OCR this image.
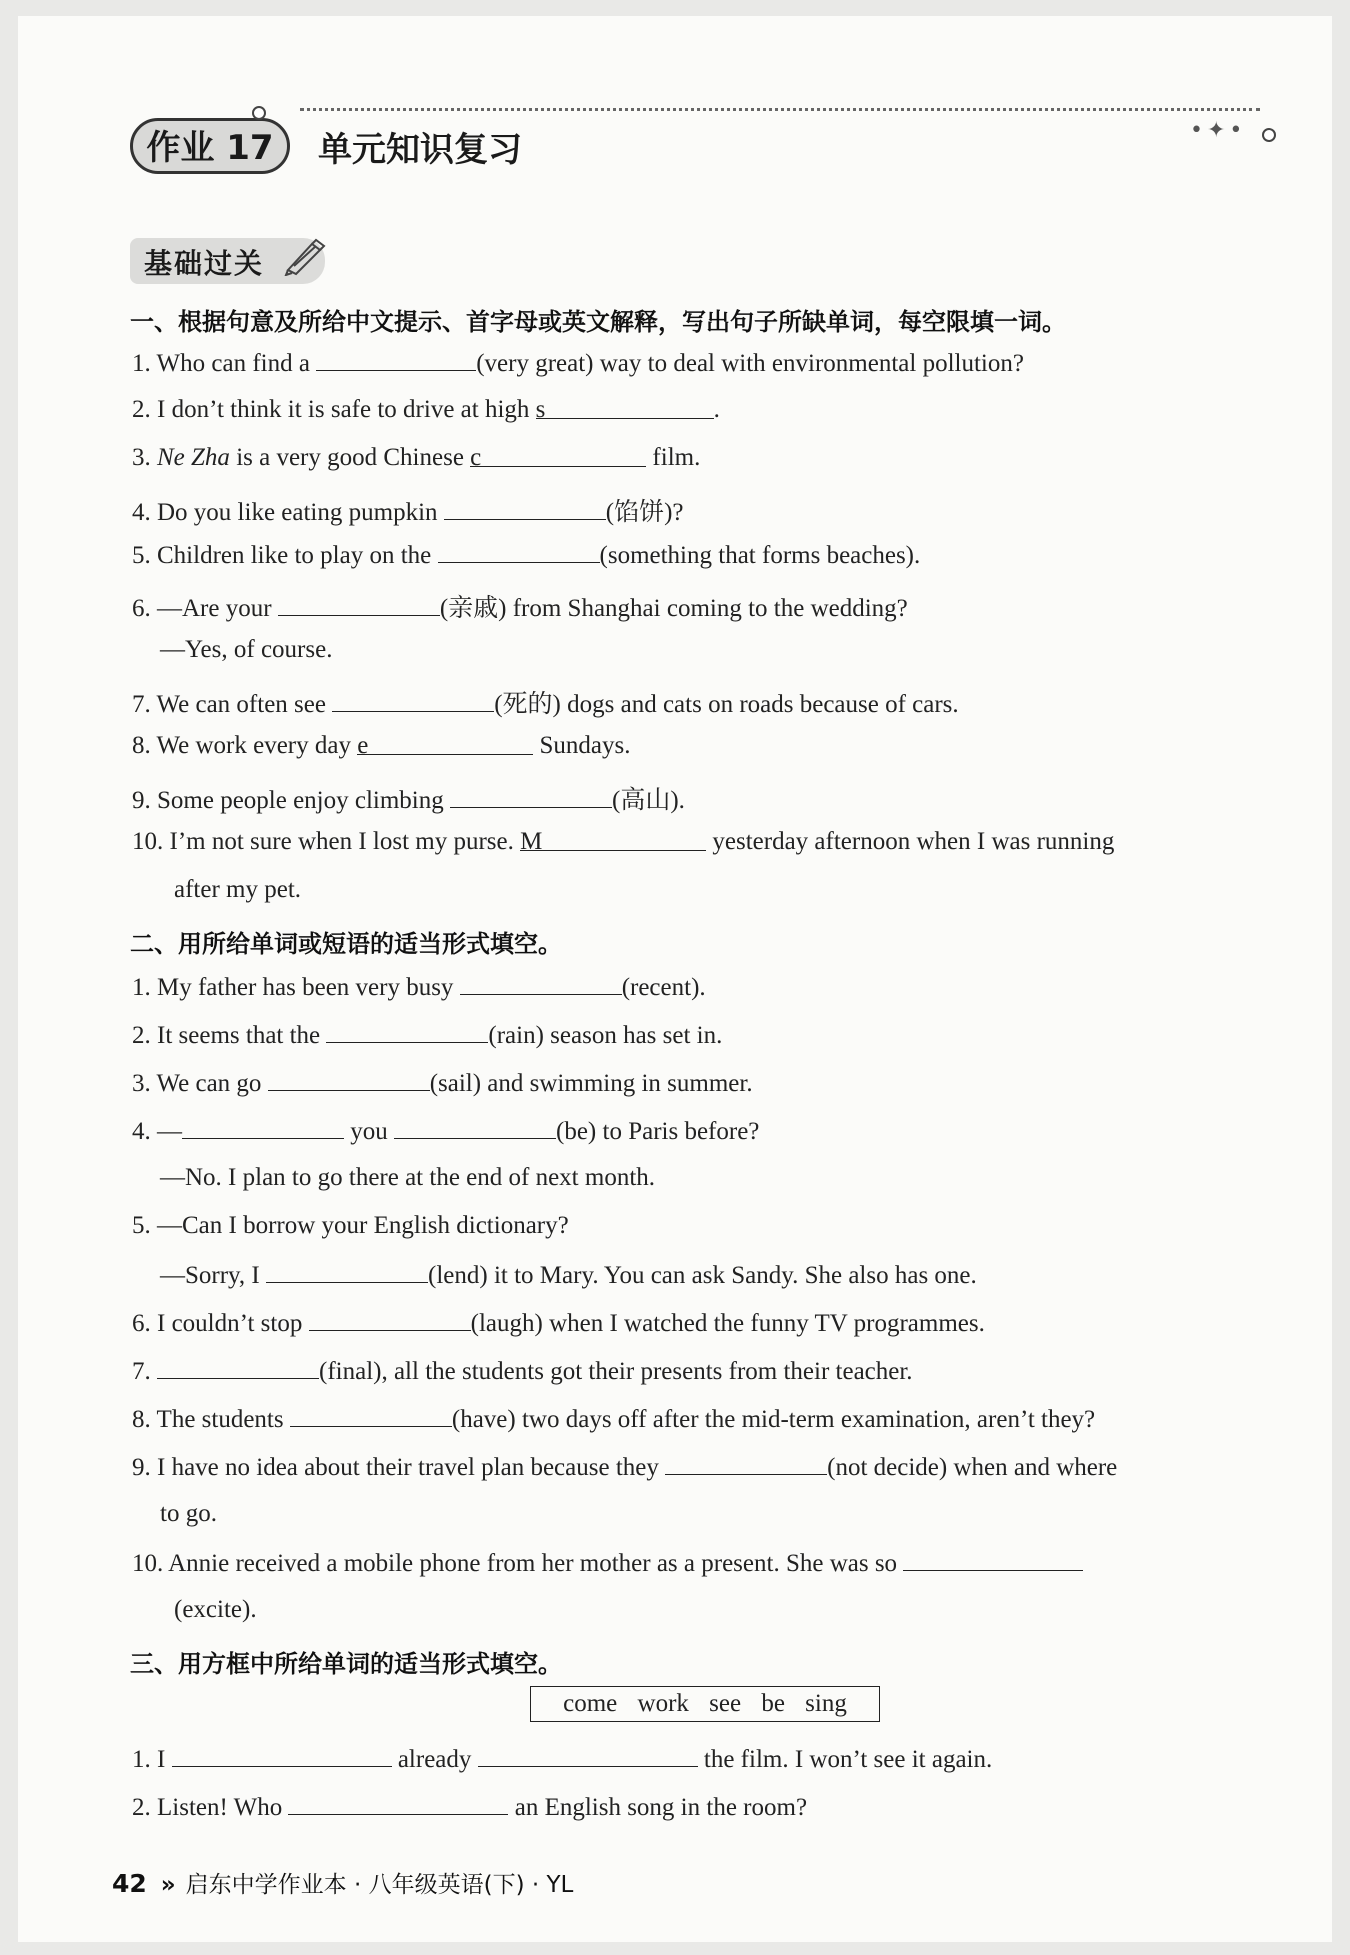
作业 17	单元知识复习	•✦•
基础过关
一、根据句意及所给中文提示、首字母或英文解释，写出句子所缺单词，每空限填一词。
1. Who can find a	(very great) way to deal with environmental pollution?
2. I don’t think it is safe to drive at high s	.
3. Ne Zha is a very good Chinese c	film.
4. Do you like eating pumpkin	(馅饼)?
5. Children like to play on the	(something that forms beaches).
6. —Are your	(亲戚) from Shanghai coming to the wedding?
—Yes, of course.
7. We can often see	(死的) dogs and cats on roads because of cars.
8. We work every day e	Sundays.
9. Some people enjoy climbing	(高山).
10. I’m not sure when I lost my purse. M	yesterday afternoon when I was running
after my pet.
二、用所给单词或短语的适当形式填空。
1. My father has been very busy	(recent).
2. It seems that the	(rain) season has set in.
3. We can go	(sail) and swimming in summer.
4. —	you	(be) to Paris before?
—No. I plan to go there at the end of next month.
5. —Can I borrow your English dictionary?
—Sorry, I	(lend) it to Mary. You can ask Sandy. She also has one.
6. I couldn’t stop	(laugh) when I watched the funny TV programmes.
7.	(final), all the students got their presents from their teacher.
8. The students	(have) two days off after the mid-term examination, aren’t they?
9. I have no idea about their travel plan because they	(not decide) when and where
to go.
10. Annie received a mobile phone from her mother as a present. She was so
(excite).
三、用方框中所给单词的适当形式填空。
come work see be sing
1. I	already	the film. I won’t see it again.
2. Listen! Who	an English song in the room?
42 » 启东中学作业本 · 八年级英语(下) · YL
